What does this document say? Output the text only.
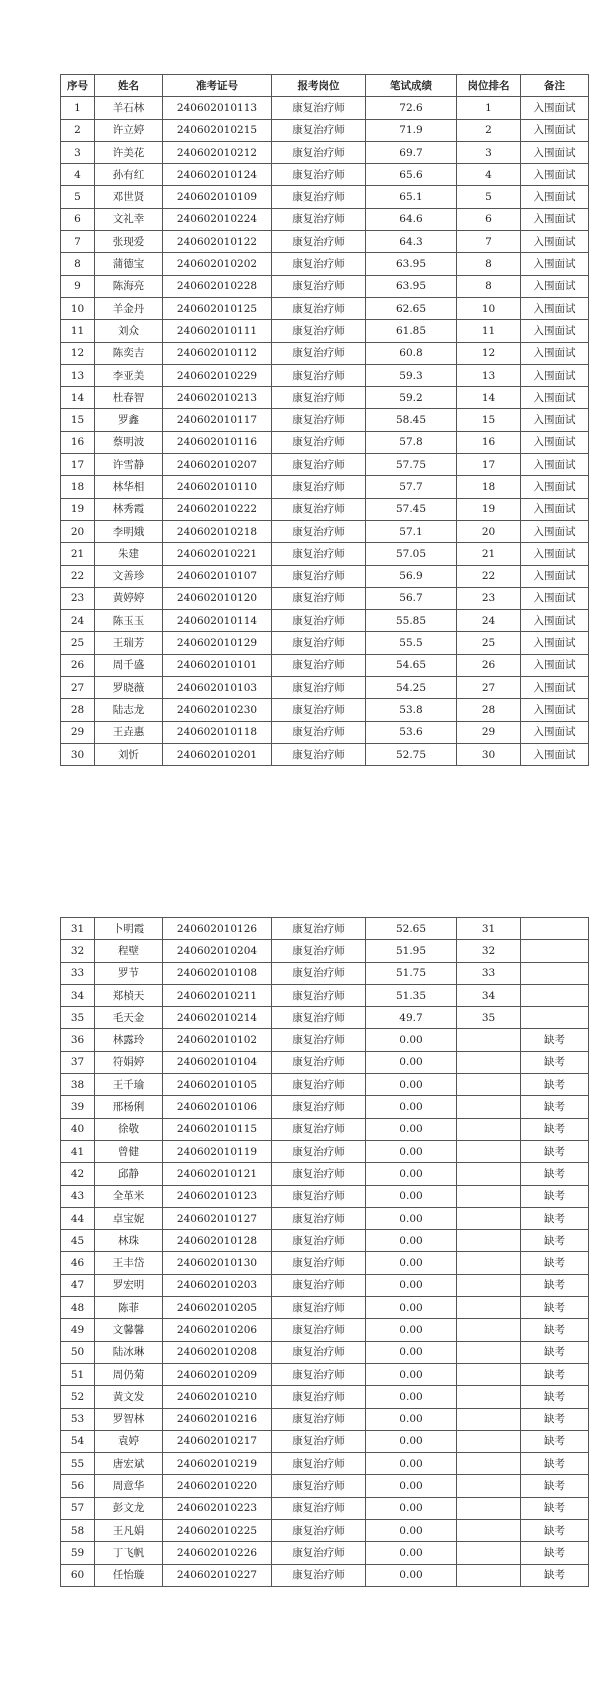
序号	姓名	准考证号	报考岗位	笔试成绩	岗位排名	备注
1	羊石林	240602010113	康复治疗师	72.6	1	入围面试
2	许立婷	240602010215	康复治疗师	71.9	2	入围面试
3	许美花	240602010212	康复治疗师	69.7	3	入围面试
4	孙有红	240602010124	康复治疗师	65.6	4	入围面试
5	邓世贤	240602010109	康复治疗师	65.1	5	入围面试
6	文礼幸	240602010224	康复治疗师	64.6	6	入围面试
7	张现爱	240602010122	康复治疗师	64.3	7	入围面试
8	蒲德宝	240602010202	康复治疗师	63.95	8	入围面试
9	陈海亮	240602010228	康复治疗师	63.95	8	入围面试
10	羊金丹	240602010125	康复治疗师	62.65	10	入围面试
11	刘众	240602010111	康复治疗师	61.85	11	入围面试
12	陈奕吉	240602010112	康复治疗师	60.8	12	入围面试
13	李亚美	240602010229	康复治疗师	59.3	13	入围面试
14	杜春智	240602010213	康复治疗师	59.2	14	入围面试
15	罗鑫	240602010117	康复治疗师	58.45	15	入围面试
16	蔡明波	240602010116	康复治疗师	57.8	16	入围面试
17	许雪静	240602010207	康复治疗师	57.75	17	入围面试
18	林华相	240602010110	康复治疗师	57.7	18	入围面试
19	林秀霞	240602010222	康复治疗师	57.45	19	入围面试
20	李明娥	240602010218	康复治疗师	57.1	20	入围面试
21	朱建	240602010221	康复治疗师	57.05	21	入围面试
22	文善珍	240602010107	康复治疗师	56.9	22	入围面试
23	黄婷婷	240602010120	康复治疗师	56.7	23	入围面试
24	陈玉玉	240602010114	康复治疗师	55.85	24	入围面试
25	王瑞芳	240602010129	康复治疗师	55.5	25	入围面试
26	周千盛	240602010101	康复治疗师	54.65	26	入围面试
27	罗晓薇	240602010103	康复治疗师	54.25	27	入围面试
28	陆志龙	240602010230	康复治疗师	53.8	28	入围面试
29	王垚惠	240602010118	康复治疗师	53.6	29	入围面试
30	刘忻	240602010201	康复治疗师	52.75	30	入围面试
31	卜明霞	240602010126	康复治疗师	52.65	31	
32	程壁	240602010204	康复治疗师	51.95	32	
33	罗节	240602010108	康复治疗师	51.75	33	
34	郑楨天	240602010211	康复治疗师	51.35	34	
35	毛天金	240602010214	康复治疗师	49.7	35	
36	林露玲	240602010102	康复治疗师	0.00		缺考
37	符娟婷	240602010104	康复治疗师	0.00		缺考
38	王千瑜	240602010105	康复治疗师	0.00		缺考
39	邢杨俐	240602010106	康复治疗师	0.00		缺考
40	徐敬	240602010115	康复治疗师	0.00		缺考
41	曾健	240602010119	康复治疗师	0.00		缺考
42	邱静	240602010121	康复治疗师	0.00		缺考
43	全革米	240602010123	康复治疗师	0.00		缺考
44	卓宝妮	240602010127	康复治疗师	0.00		缺考
45	林珠	240602010128	康复治疗师	0.00		缺考
46	王丰岱	240602010130	康复治疗师	0.00		缺考
47	罗宏明	240602010203	康复治疗师	0.00		缺考
48	陈菲	240602010205	康复治疗师	0.00		缺考
49	文馨馨	240602010206	康复治疗师	0.00		缺考
50	陆冰琳	240602010208	康复治疗师	0.00		缺考
51	周仍菊	240602010209	康复治疗师	0.00		缺考
52	黄文发	240602010210	康复治疗师	0.00		缺考
53	罗智林	240602010216	康复治疗师	0.00		缺考
54	袁婷	240602010217	康复治疗师	0.00		缺考
55	唐宏斌	240602010219	康复治疗师	0.00		缺考
56	周意华	240602010220	康复治疗师	0.00		缺考
57	彭文龙	240602010223	康复治疗师	0.00		缺考
58	王凡娟	240602010225	康复治疗师	0.00		缺考
59	丁飞帆	240602010226	康复治疗师	0.00		缺考
60	任怡璇	240602010227	康复治疗师	0.00		缺考
